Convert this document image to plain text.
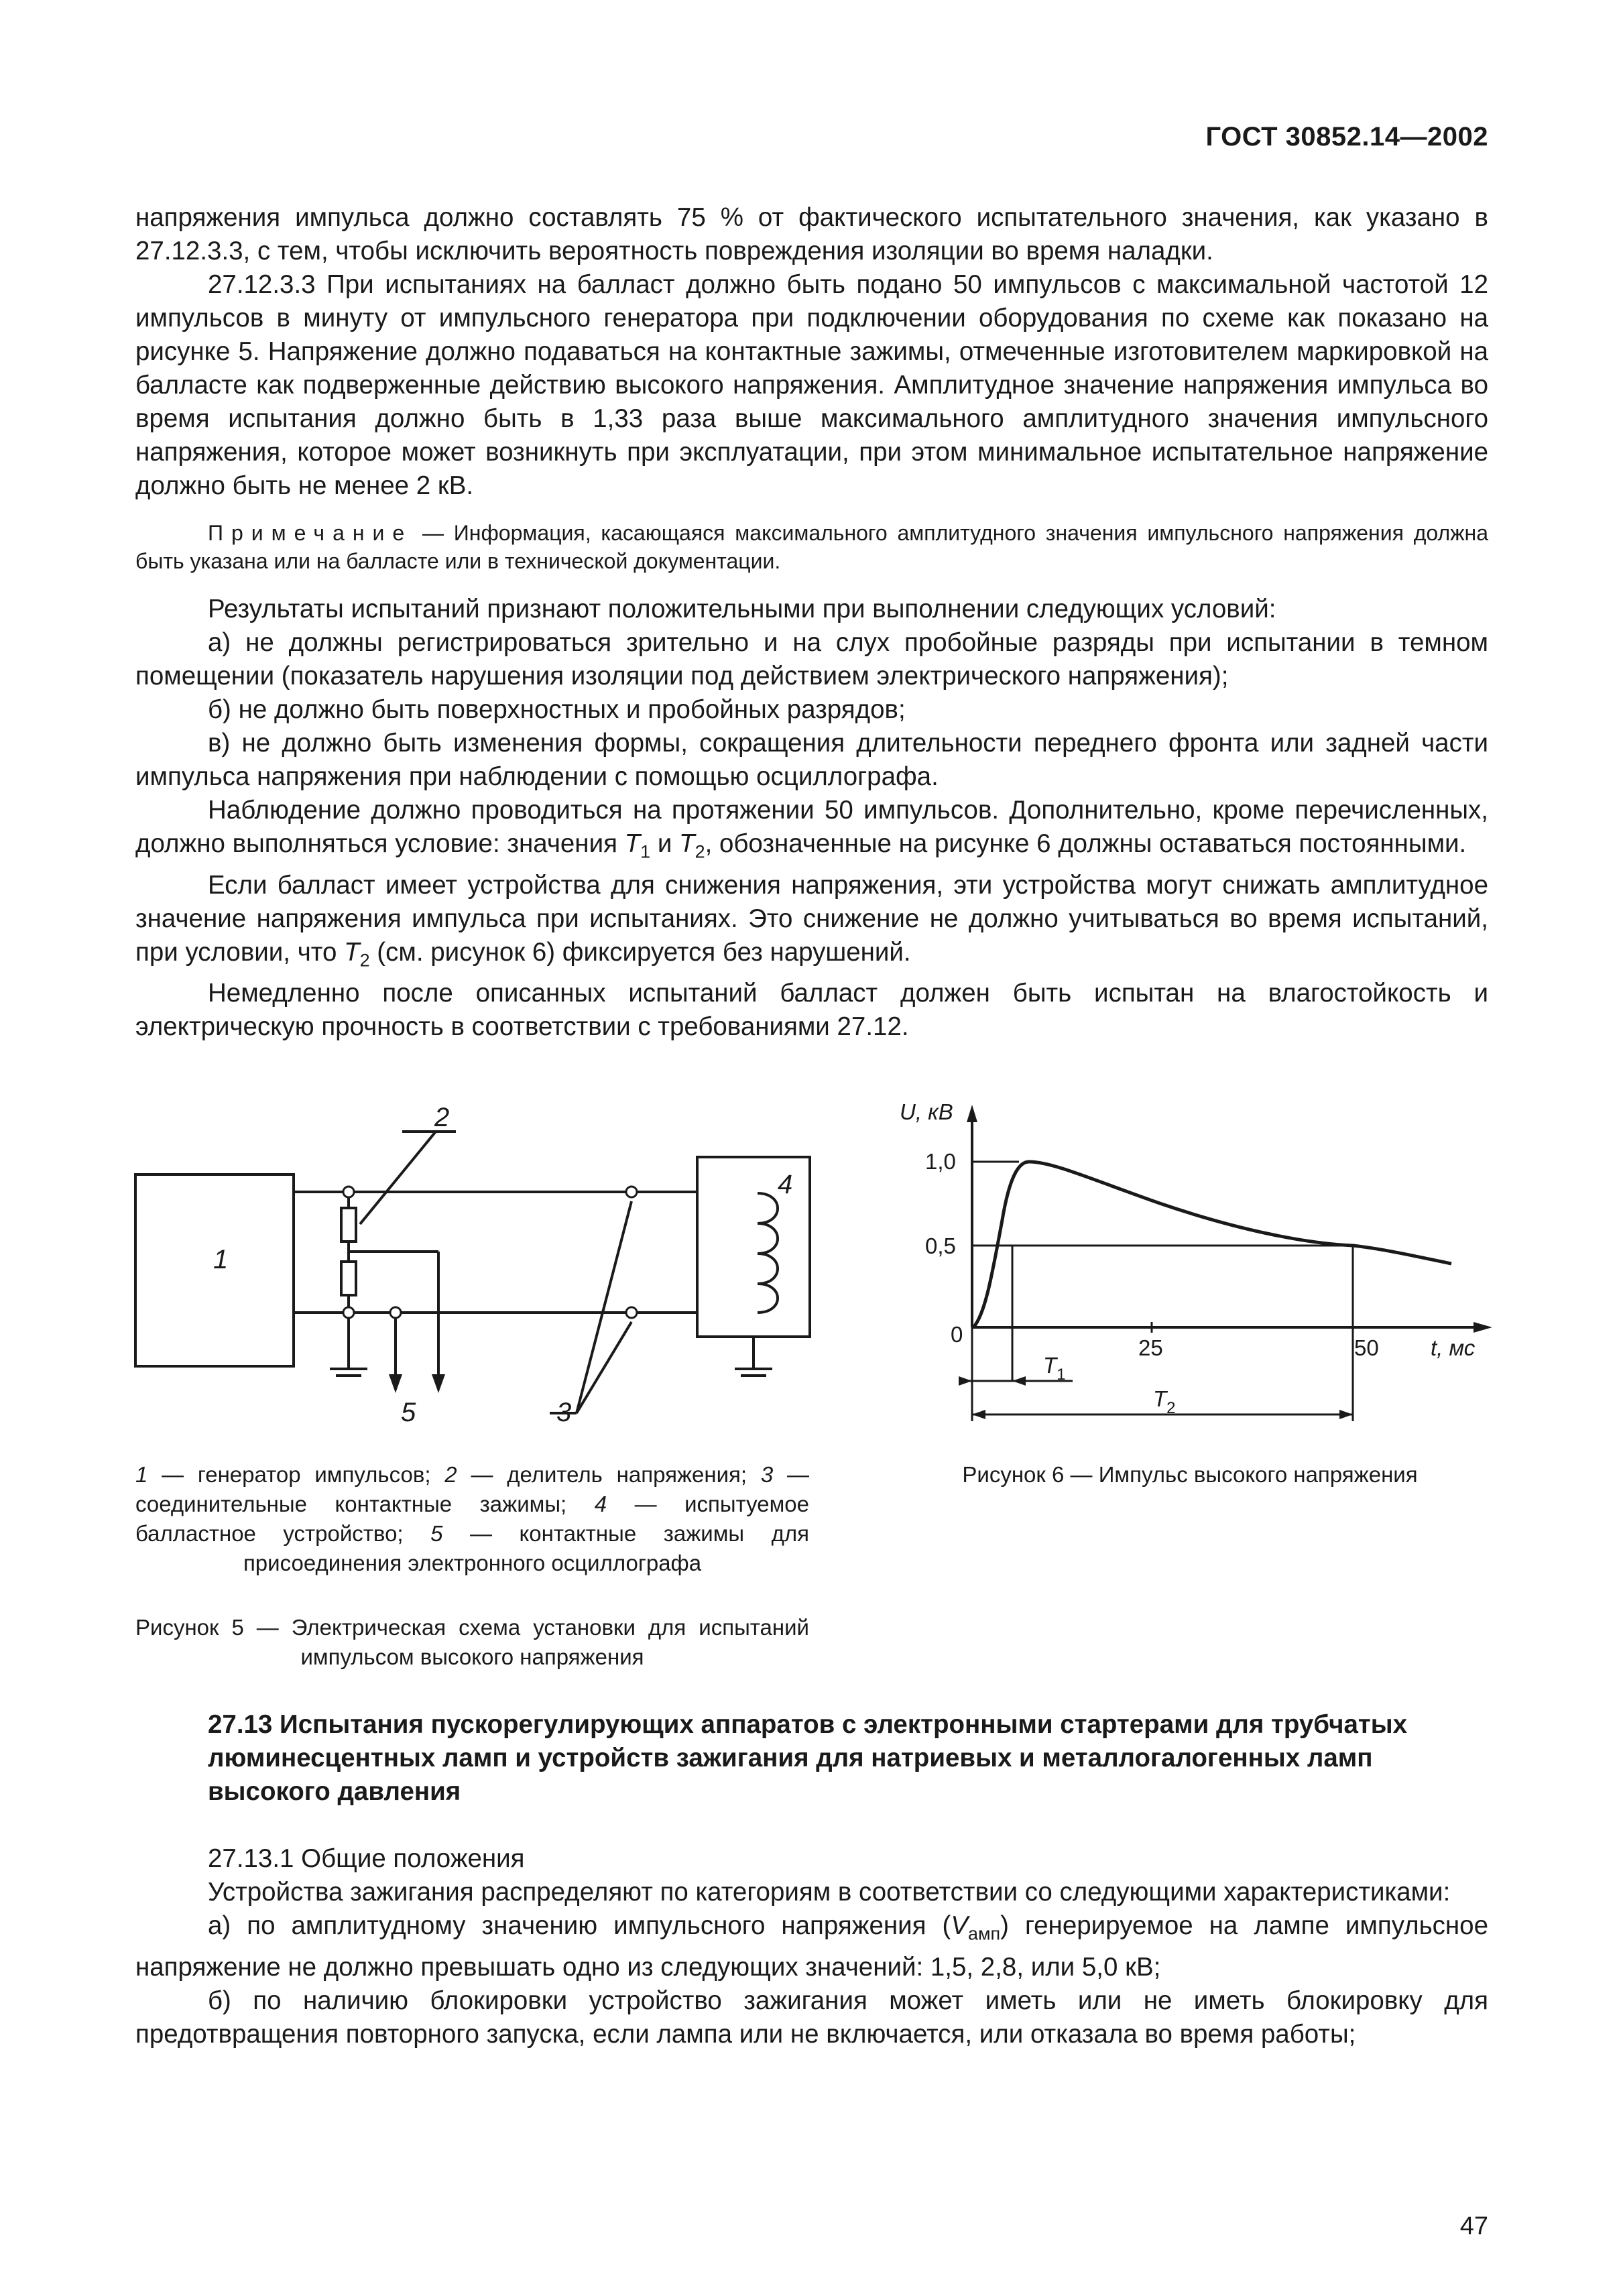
ГОСТ 30852.14—2002

напряжения импульса должно составлять 75 % от фактического испытательного значения, как указано в 27.12.3.3, с тем, чтобы исключить вероятность повреждения изоляции во время наладки.

27.12.3.3 При испытаниях на балласт должно быть подано 50 импульсов с максимальной частотой 12 импульсов в минуту от импульсного генератора при подключении оборудования по схеме как показано на рисунке 5. Напряжение должно подаваться на контактные зажимы, отмеченные изготовителем маркировкой на балласте как подверженные действию высокого напряжения. Амплитудное значение напряжения импульса во время испытания должно быть в 1,33 раза выше максимального амплитудного значения импульсного напряжения, которое может возникнуть при эксплуатации, при этом минимальное испытательное напряжение должно быть не менее 2 кВ.

Примечание — Информация, касающаяся максимального амплитудного значения импульсного напряжения должна быть указана или на балласте или в технической документации.

Результаты испытаний признают положительными при выполнении следующих условий:

а) не должны регистрироваться зрительно и на слух пробойные разряды при испытании в темном помещении (показатель нарушения изоляции под действием электрического напряжения);

б) не должно быть поверхностных и пробойных разрядов;

в) не должно быть изменения формы, сокращения длительности переднего фронта или задней части импульса напряжения при наблюдении с помощью осциллографа.

Наблюдение должно проводиться на протяжении 50 импульсов. Дополнительно, кроме перечисленных, должно выполняться условие: значения $T_1$ и $T_2$, обозначенные на рисунке 6 должны оставаться постоянными.

Если балласт имеет устройства для снижения напряжения, эти устройства могут снижать амплитудное значение напряжения импульса при испытаниях. Это снижение не должно учитываться во время испытаний, при условии, что $T_2$ (см. рисунок 6) фиксируется без нарушений.

Немедленно после описанных испытаний балласт должен быть испытан на влагостойкость и электрическую прочность в соответствии с требованиями 27.12.

1
2
4
5	3
1 — генератор импульсов; 2 — делитель напряжения; 3 — соединительные контактные зажимы; 4 — испытуемое балластное устройство; 5 — контактные зажимы для присоединения электронного осциллографа
Рисунок 5 — Электрическая схема установки для испытаний импульсом высокого напряжения
U, кВ
1,0
0,5
0
25	50 t, мс
$T_1$
$T_2$
Рисунок 6 — Импульс высокого напряжения
27.13 Испытания пускорегулирующих аппаратов с электронными стартерами для трубчатых люминесцентных ламп и устройств зажигания для натриевых и металлогалогенных ламп высокого давления

27.13.1 Общие положения

Устройства зажигания распределяют по категориям в соответствии со следующими характеристиками:

а) по амплитудному значению импульсного напряжения $(V_{амп})$ генерируемое на лампе импульсное напряжение не должно превышать одно из следующих значений: 1,5, 2,8, или 5,0 кВ;

б) по наличию блокировки устройство зажигания может иметь или не иметь блокировку для предотвращения повторного запуска, если лампа или не включается, или отказала во время работы;

47
